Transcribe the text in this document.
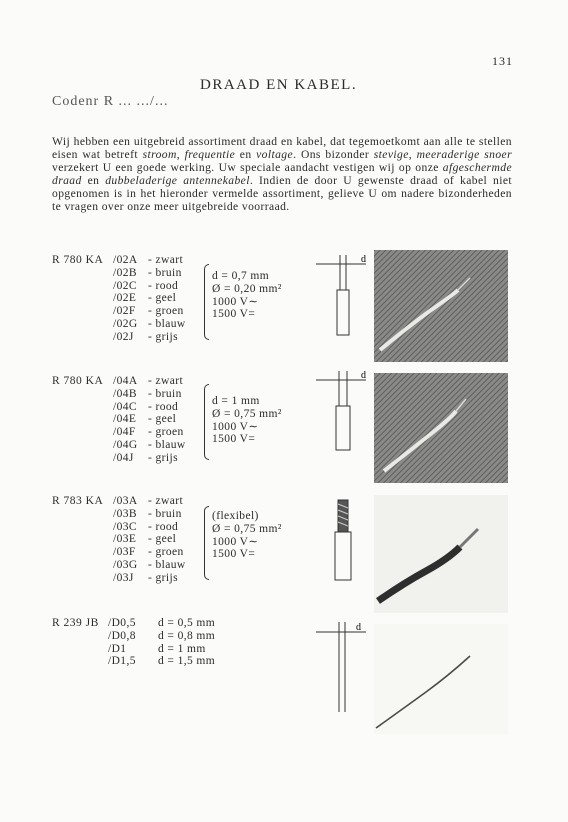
131
DRAAD EN KABEL.
Codenr R ... .../...

Wij hebben een uitgebreid assortiment draad en kabel, dat tegemoetkomt aan alle te stellen eisen wat betreft stroom, frequentie en voltage. Ons bizonder stevige, meeraderige snoer verzekert U een goede werking. Uw speciale aandacht vestigen wij op onze afgeschermde draad en dubbeladerige antennekabel. Indien de door U gewenste draad of kabel niet opgenomen is in het hieronder vermelde assortiment, gelieve U om nadere bizonderheden te vragen over onze meer uitgebreide voorraad.

R 780 KA /02A
/02B
/02C
/02E
/02F
/02G
/02J
- zwart
- bruin
- rood
- geel
- groen
- blauw
- grijs
d = 0,7 mm
Ø = 0,20 mm²
1000 V∼
1500 V=
d
R 780 KA /04A
/04B
/04C
/04E
/04F
/04G
/04J
- zwart
- bruin
- rood
- geel
- groen
- blauw
- grijs
d = 1 mm
Ø = 0,75 mm²
1000 V∼
1500 V=
d
R 783 KA /03A
/03B
/03C
/03E
/03F
/03G
/03J
- zwart
- bruin
- rood
- geel
- groen
- blauw
- grijs
(flexibel)
Ø = 0,75 mm²
1000 V∼
1500 V=
R 239 JB /D0,5
/D0,8
/D1
/D1,5
d = 0,5 mm
d = 0,8 mm
d = 1 mm
d = 1,5 mm
d
